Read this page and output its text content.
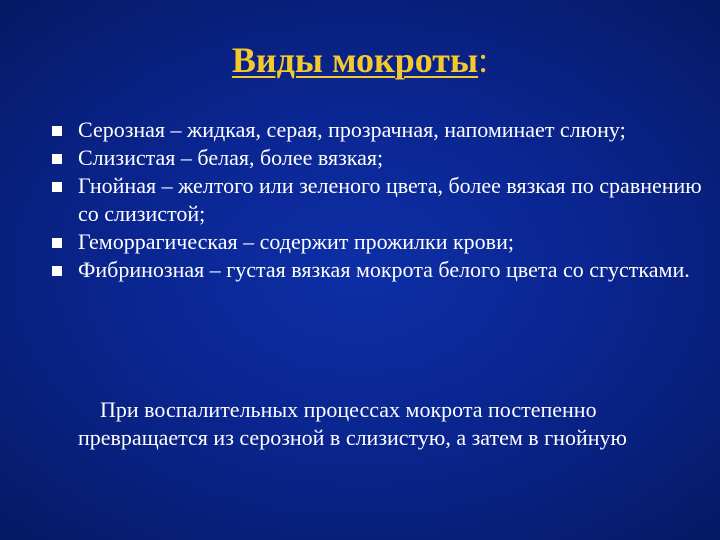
Виды мокроты:
Серозная – жидкая, серая, прозрачная, напоминает слюну;
Слизистая – белая, более вязкая;
Гнойная – желтого или зеленого цвета, более вязкая по сравнению со слизистой;
Геморрагическая – содержит прожилки крови;
Фибринозная – густая вязкая мокрота белого цвета со сгустками.

При воспалительных процессах мокрота постепенно превращается из серозной в слизистую, а затем в гнойную
